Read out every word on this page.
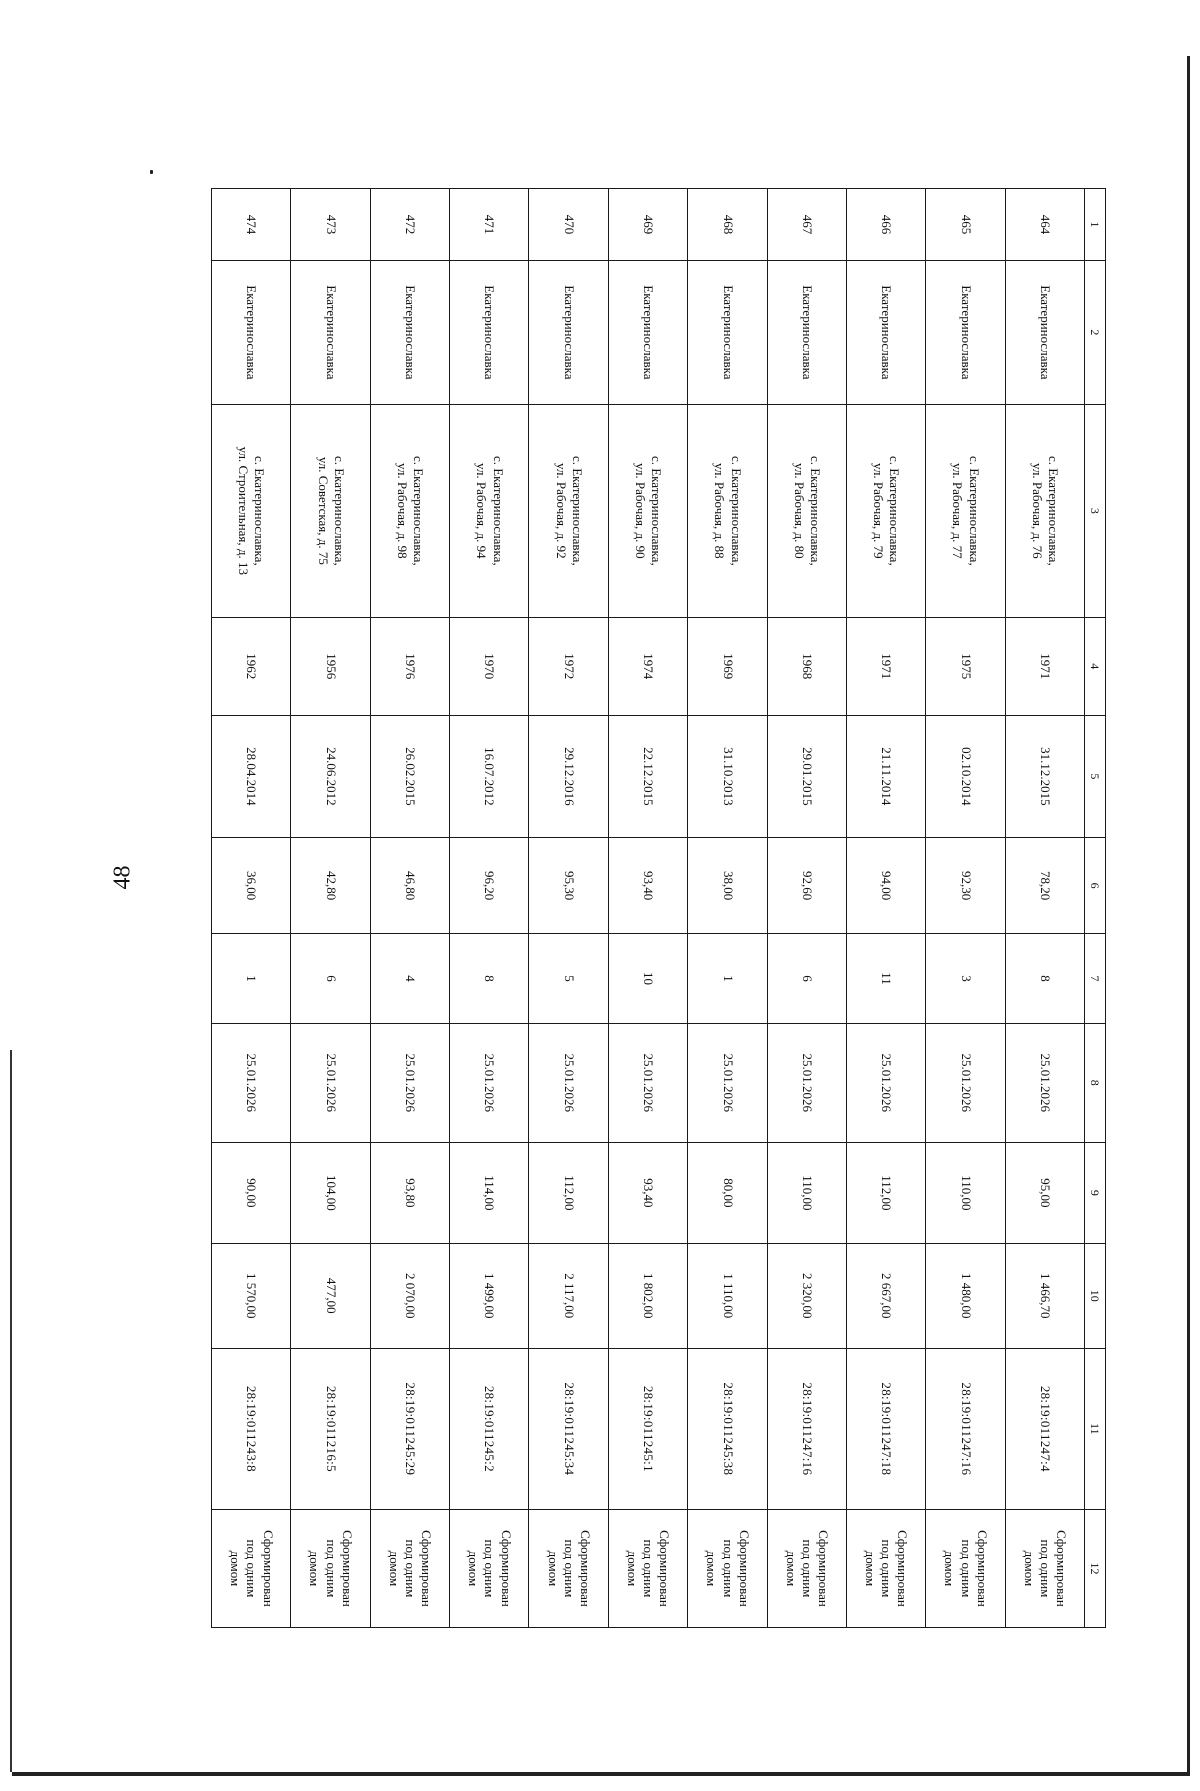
48
1	2	3	4	5	6	7	8	9	10	11	12
464	Екатеринославка	с. Екатеринославка,
ул. Рабочая, д. 76	1971	31.12.2015	78,20	8	25.01.2026	95,00	1 466,70	28:19:011247:4	Сформирован
под одним
домом

465	Екатеринославка	с. Екатеринославка,
ул. Рабочая, д. 77	1975	02.10.2014	92,30	3	25.01.2026	110,00	1 480,00	28:19:011247:16	Сформирован
под одним
домом

466	Екатеринославка	с. Екатеринославка,
ул. Рабочая, д. 79	1971	21.11.2014	94,00	11	25.01.2026	112,00	2 667,00	28:19:011247:18	Сформирован
под одним
домом

467	Екатеринославка	с. Екатеринославка,
ул. Рабочая, д. 80	1968	29.01.2015	92,60	6	25.01.2026	110,00	2 320,00	28:19:011247:16	Сформирован
под одним
домом

468	Екатеринославка	с. Екатеринославка,
ул. Рабочая, д. 88	1969	31.10.2013	38,00	1	25.01.2026	80,00	1 110,00	28:19:011245:38	Сформирован
под одним
домом

469	Екатеринославка	с. Екатеринославка,
ул. Рабочая, д. 90	1974	22.12.2015	93,40	10	25.01.2026	93,40	1 802,00	28:19:011245:1	Сформирован
под одним
домом

470	Екатеринославка	с. Екатеринославка,
ул. Рабочая, д. 92	1972	29.12.2016	95,30	5	25.01.2026	112,00	2 117,00	28:19:011245:34	Сформирован
под одним
домом

471	Екатеринославка	с. Екатеринославка,
ул. Рабочая, д. 94	1970	16.07.2012	96,20	8	25.01.2026	114,00	1 499,00	28:19:011245:2	Сформирован
под одним
домом

472	Екатеринославка	с. Екатеринославка,
ул. Рабочая, д. 98	1976	26.02.2015	46,80	4	25.01.2026	93,80	2 070,00	28:19:011245:29	Сформирован
под одним
домом

473	Екатеринославка	с. Екатеринославка,
ул. Советская, д. 75	1956	24.06.2012	42,80	6	25.01.2026	104,00	477,00	28:19:011216:5	Сформирован
под одним
домом

474	Екатеринославка	с. Екатеринославка,
ул. Строительная, д. 13	1962	28.04.2014	36,00	1	25.01.2026	90,00	1 570,00	28:19:011243:8	Сформирован
под одним
домом
